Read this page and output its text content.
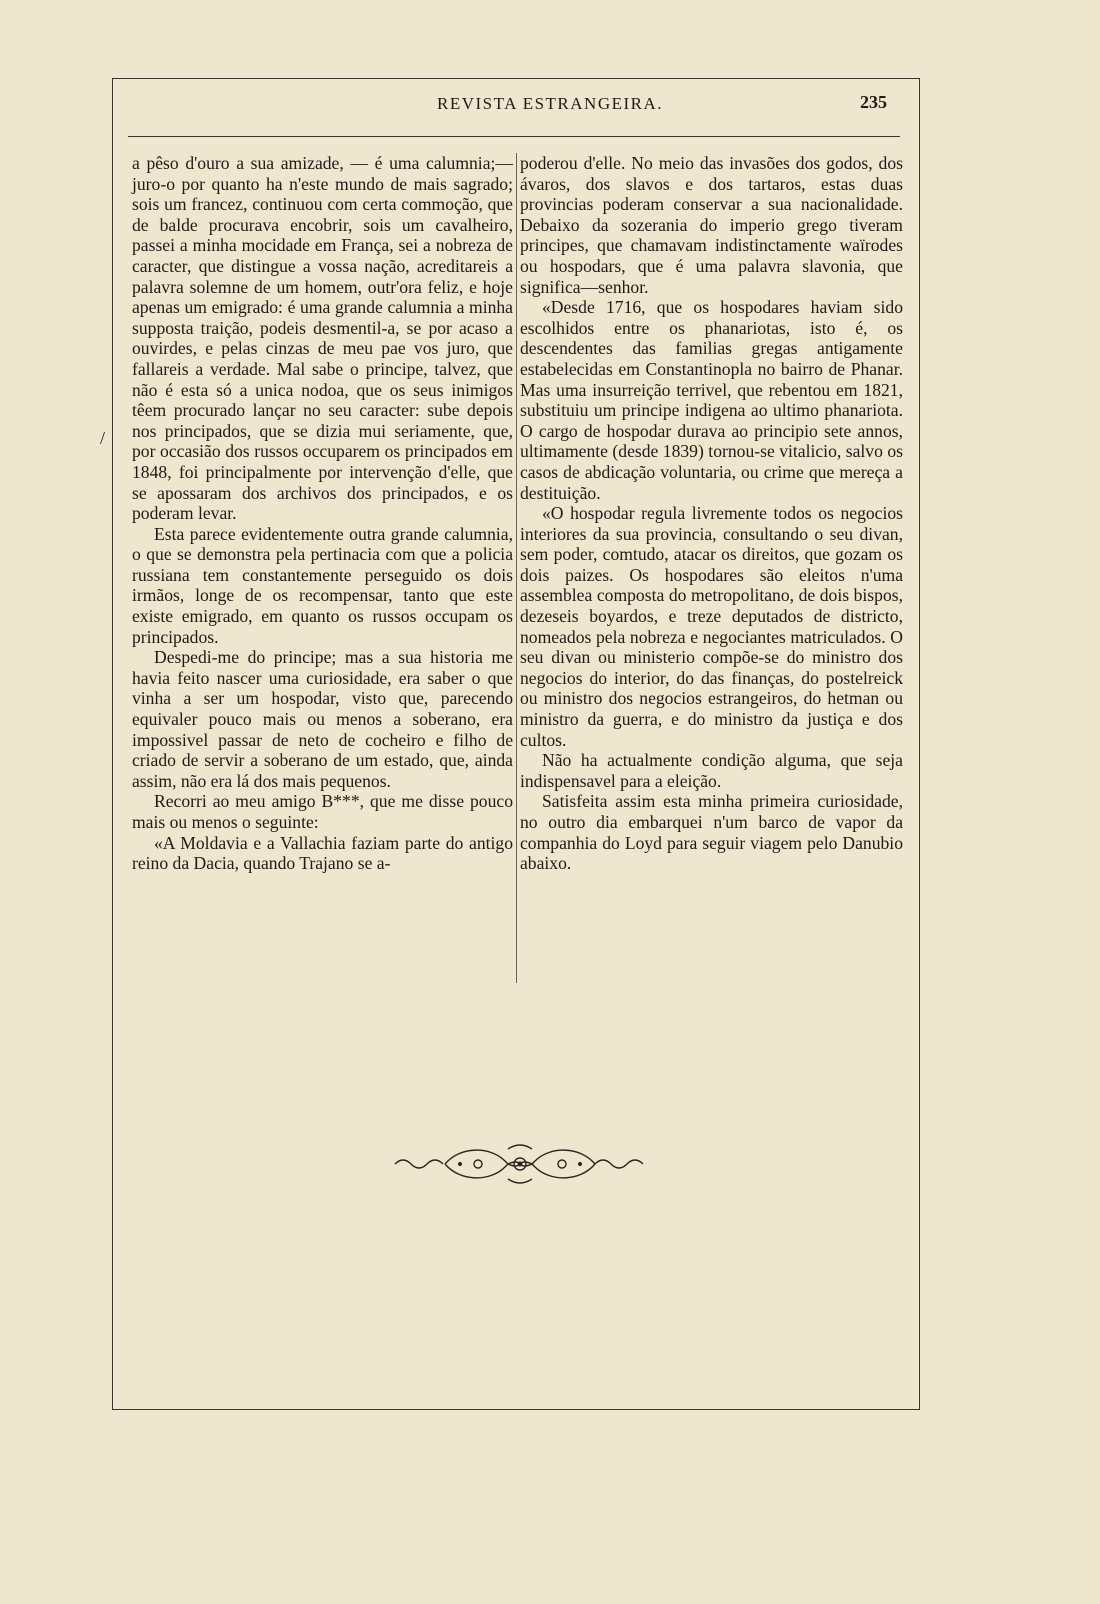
REVISTA ESTRANGEIRA.	235

a pêso d'ouro a sua amizade, — é uma calumnia;—juro-o por quanto ha n'este mundo de mais sagrado; sois um francez, continuou com certa commoção, que de balde procurava encobrir, sois um cavalheiro, passei a minha mocidade em França, sei a nobreza de caracter, que distingue a vossa nação, acreditareis a palavra solemne de um homem, outr'ora feliz, e hoje apenas um emigrado: é uma grande calumnia a minha supposta traição, podeis desmentil-a, se por acaso a ouvirdes, e pelas cinzas de meu pae vos juro, que fallareis a verdade. Mal sabe o principe, talvez, que não é esta só a unica nodoa, que os seus inimigos têem procurado lançar no seu caracter: sube depois nos principados, que se dizia mui seriamente, que, por occasião dos russos occuparem os principados em 1848, foi principalmente por intervenção d'elle, que se apossaram dos archivos dos principados, e os poderam levar.

Esta parece evidentemente outra grande calumnia, o que se demonstra pela pertinacia com que a policia russiana tem constantemente perseguido os dois irmãos, longe de os recompensar, tanto que este existe emigrado, em quanto os russos occupam os principados.

Despedi-me do principe; mas a sua historia me havia feito nascer uma curiosidade, era saber o que vinha a ser um hospodar, visto que, parecendo equivaler pouco mais ou menos a soberano, era impossivel passar de neto de cocheiro e filho de criado de servir a soberano de um estado, que, ainda assim, não era lá dos mais pequenos.

Recorri ao meu amigo B***, que me disse pouco mais ou menos o seguinte:

«A Moldavia e a Vallachia faziam parte do antigo reino da Dacia, quando Trajano se a-

poderou d'elle. No meio das invasões dos godos, dos ávaros, dos slavos e dos tartaros, estas duas provincias poderam conservar a sua nacionalidade. Debaixo da sozerania do imperio grego tiveram principes, que chamavam indistinctamente waïrodes ou hospodars, que é uma palavra slavonia, que significa—senhor.

«Desde 1716, que os hospodares haviam sido escolhidos entre os phanariotas, isto é, os descendentes das familias gregas antigamente estabelecidas em Constantinopla no bairro de Phanar. Mas uma insurreição terrivel, que rebentou em 1821, substituiu um principe indigena ao ultimo phanariota. O cargo de hospodar durava ao principio sete annos, ultimamente (desde 1839) tornou-se vitalicio, salvo os casos de abdicação voluntaria, ou crime que mereça a destituição.

«O hospodar regula livremente todos os negocios interiores da sua provincia, consultando o seu divan, sem poder, comtudo, atacar os direitos, que gozam os dois paizes. Os hospodares são eleitos n'uma assemblea composta do metropolitano, de dois bispos, dezeseis boyardos, e treze deputados de districto, nomeados pela nobreza e negociantes matriculados. O seu divan ou ministerio compõe-se do ministro dos negocios do interior, do das finanças, do postelreick ou ministro dos negocios estrangeiros, do hetman ou ministro da guerra, e do ministro da justiça e dos cultos.

Não ha actualmente condição alguma, que seja indispensavel para a eleição.

Satisfeita assim esta minha primeira curiosidade, no outro dia embarquei n'um barco de vapor da companhia do Loyd para seguir viagem pelo Danubio abaixo.

/
